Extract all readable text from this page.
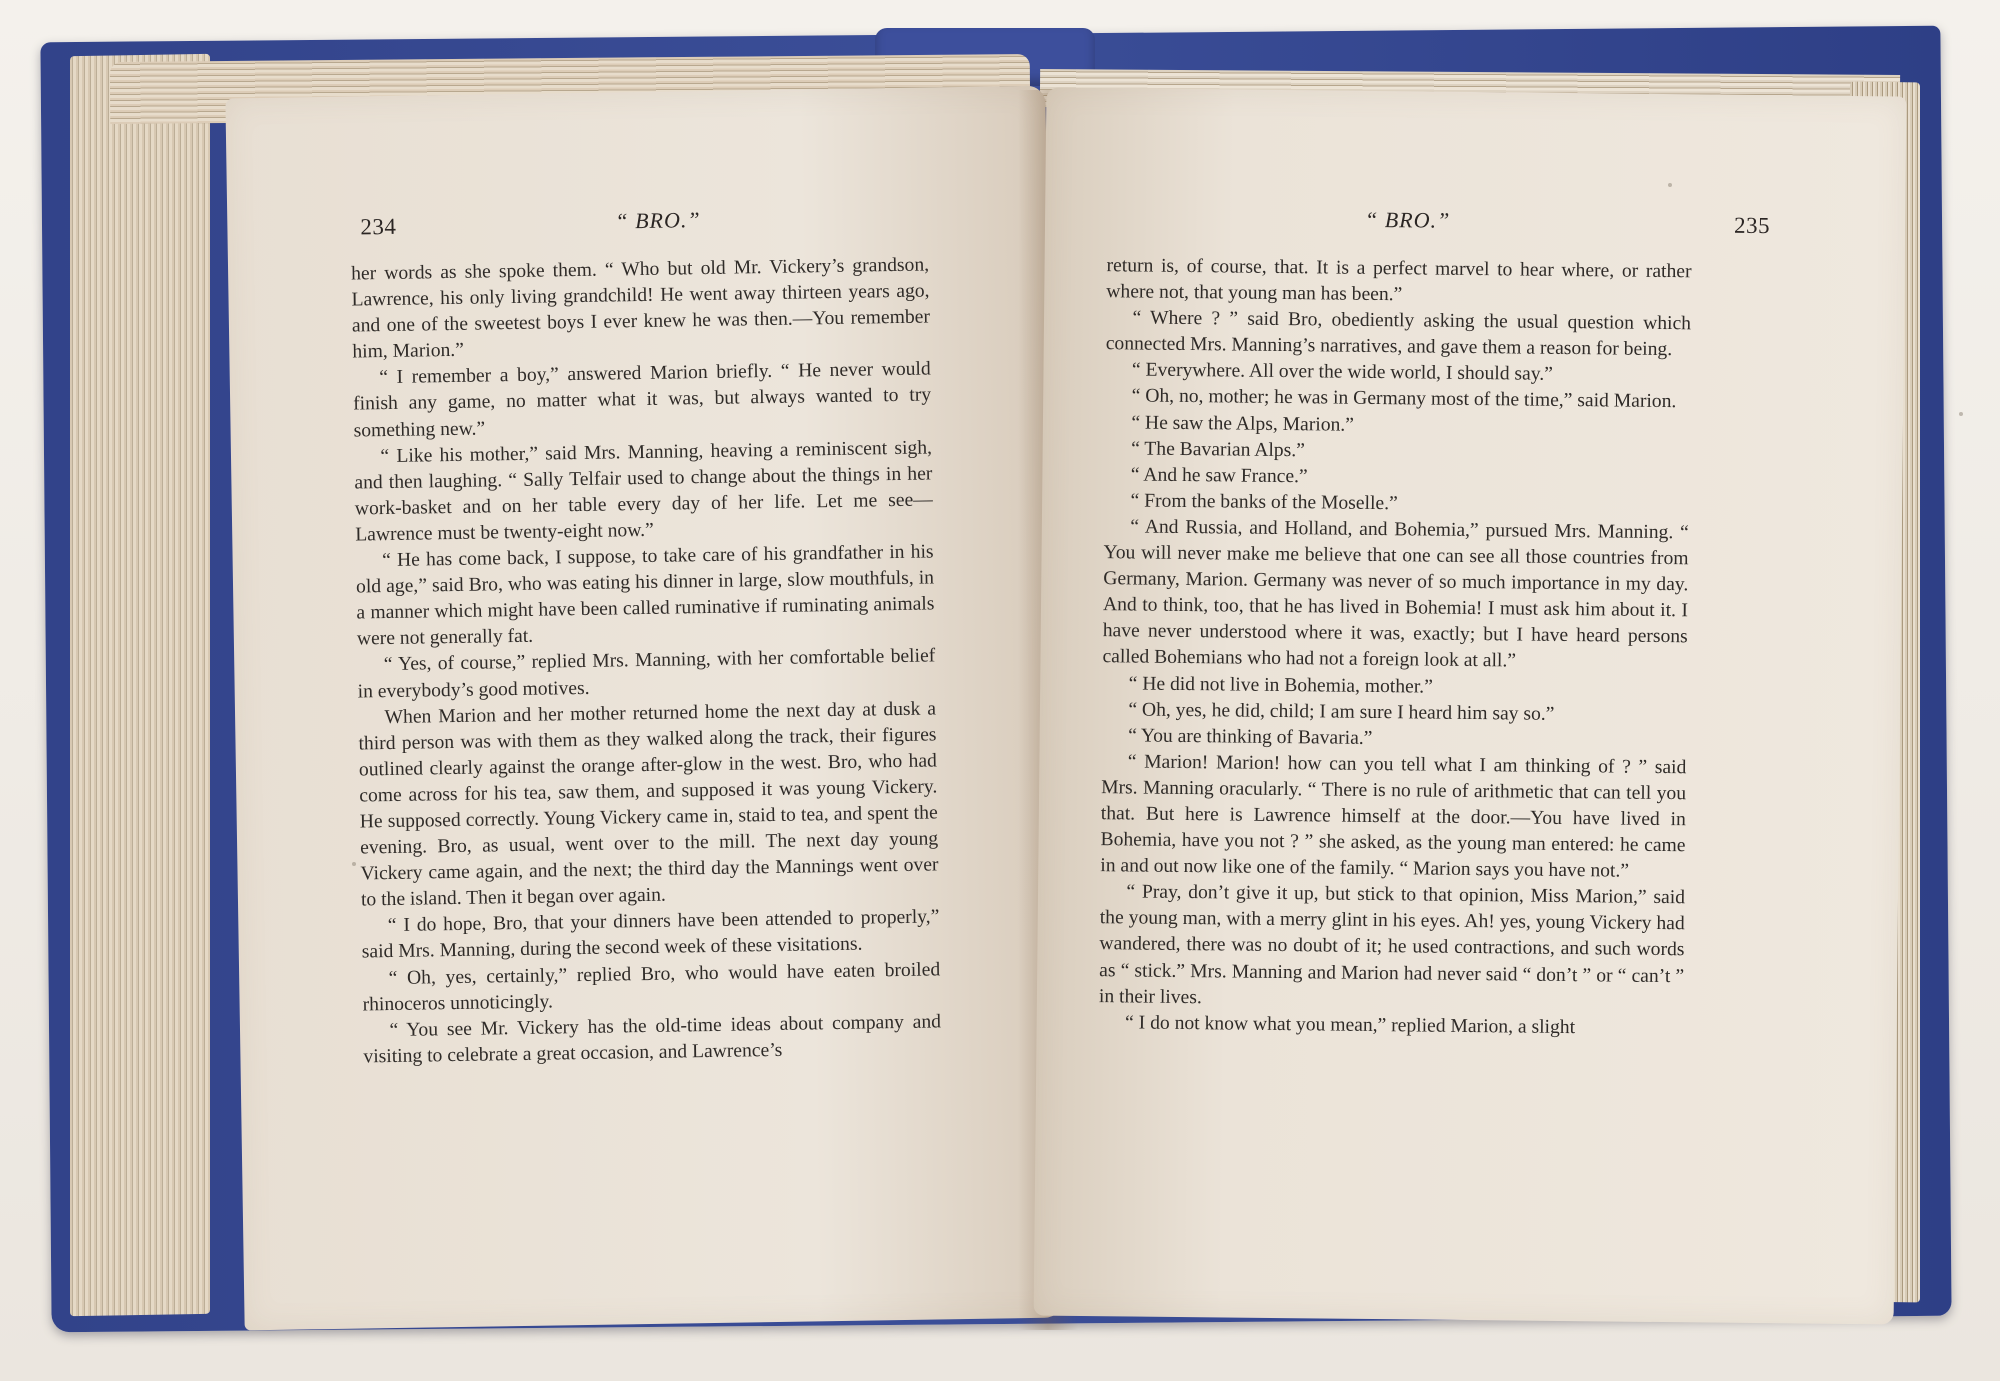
234	“ BRO.”

her words as she spoke them. “ Who but old Mr. Vickery’s grandson, Lawrence, his only living grandchild! He went away thirteen years ago, and one of the sweetest boys I ever knew he was then.—You remember him, Marion.”

“ I remember a boy,” answered Marion briefly. “ He never would finish any game, no matter what it was, but always wanted to try something new.”

“ Like his mother,” said Mrs. Manning, heaving a reminiscent sigh, and then laughing. “ Sally Telfair used to change about the things in her work-basket and on her table every day of her life. Let me see—Lawrence must be twenty-eight now.”

“ He has come back, I suppose, to take care of his grandfather in his old age,” said Bro, who was eating his dinner in large, slow mouthfuls, in a manner which might have been called ruminative if ruminating animals were not generally fat.

“ Yes, of course,” replied Mrs. Manning, with her comfortable belief in everybody’s good motives.

When Marion and her mother returned home the next day at dusk a third person was with them as they walked along the track, their figures outlined clearly against the orange after-glow in the west. Bro, who had come across for his tea, saw them, and supposed it was young Vickery. He supposed correctly. Young Vickery came in, staid to tea, and spent the evening. Bro, as usual, went over to the mill. The next day young Vickery came again, and the next; the third day the Mannings went over to the island. Then it began over again.

“ I do hope, Bro, that your dinners have been attended to properly,” said Mrs. Manning, during the second week of these visitations.

“ Oh, yes, certainly,” replied Bro, who would have eaten broiled rhinoceros unnoticingly.

“ You see Mr. Vickery has the old-time ideas about company and visiting to celebrate a great occasion, and Lawrence’s

“ BRO.”	235

return is, of course, that. It is a perfect marvel to hear where, or rather where not, that young man has been.”

“ Where ? ” said Bro, obediently asking the usual question which connected Mrs. Manning’s narratives, and gave them a reason for being.

“ Everywhere. All over the wide world, I should say.”

“ Oh, no, mother; he was in Germany most of the time,” said Marion.

“ He saw the Alps, Marion.”

“ The Bavarian Alps.”

“ And he saw France.”

“ From the banks of the Moselle.”

“ And Russia, and Holland, and Bohemia,” pursued Mrs. Manning. “ You will never make me believe that one can see all those countries from Germany, Marion. Germany was never of so much importance in my day. And to think, too, that he has lived in Bohemia! I must ask him about it. I have never understood where it was, exactly; but I have heard persons called Bohemians who had not a foreign look at all.”

“ He did not live in Bohemia, mother.”

“ Oh, yes, he did, child; I am sure I heard him say so.”

“ You are thinking of Bavaria.”

“ Marion! Marion! how can you tell what I am thinking of ? ” said Mrs. Manning oracularly. “ There is no rule of arithmetic that can tell you that. But here is Lawrence himself at the door.—You have lived in Bohemia, have you not ? ” she asked, as the young man entered: he came in and out now like one of the family. “ Marion says you have not.”

“ Pray, don’t give it up, but stick to that opinion, Miss Marion,” said the young man, with a merry glint in his eyes. Ah! yes, young Vickery had wandered, there was no doubt of it; he used contractions, and such words as “ stick.” Mrs. Manning and Marion had never said “ don’t ” or “ can’t ” in their lives.

“ I do not know what you mean,” replied Marion, a slight
